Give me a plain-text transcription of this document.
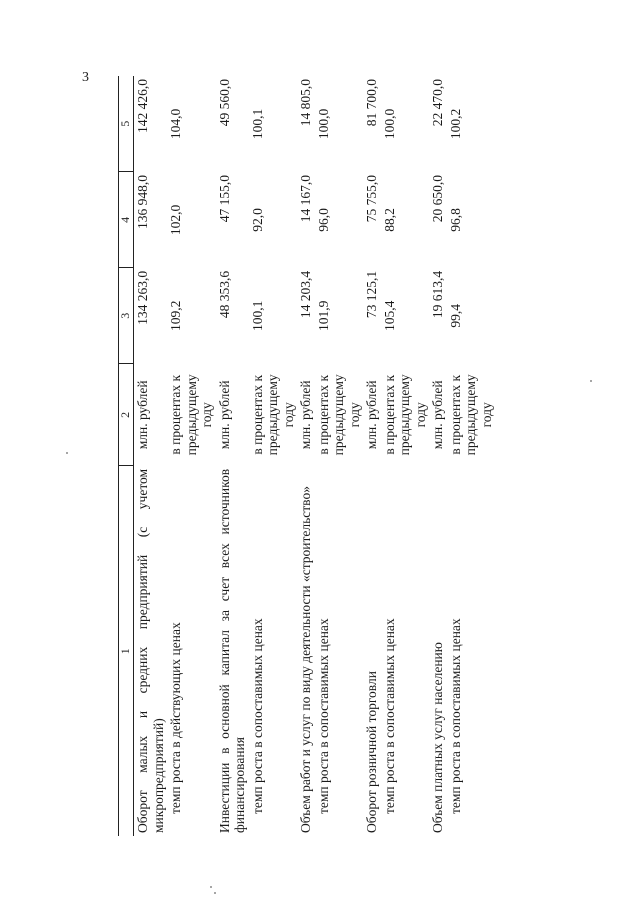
3
1	2	3	4	5
Оборот малых и средних предприятий (с учетом микропредприятий)	млн. рублей	134 263,0	136 948,0	142 426,0
темп роста в действующих ценах	в процентах к предыдущему году	109,2	102,0	104,0
Инвестиции в основной капитал за счет всех источников финансирования	млн. рублей	48 353,6	47 155,0	49 560,0
темп роста в сопоставимых ценах	в процентах к предыдущему году	100,1	92,0	100,1
Объем работ и услуг по виду деятельности «строительство»	млн. рублей	14 203,4	14 167,0	14 805,0
темп роста в сопоставимых ценах	в процентах к предыдущему году	101,9	96,0	100,0
Оборот розничной торговли	млн. рублей	73 125,1	75 755,0	81 700,0
темп роста в сопоставимых ценах	в процентах к предыдущему году	105,4	88,2	100,0
Объем платных услуг населению	млн. рублей	19 613,4	20 650,0	22 470,0
темп роста в сопоставимых ценах	в процентах к предыдущему году	99,4	96,8	100,2
